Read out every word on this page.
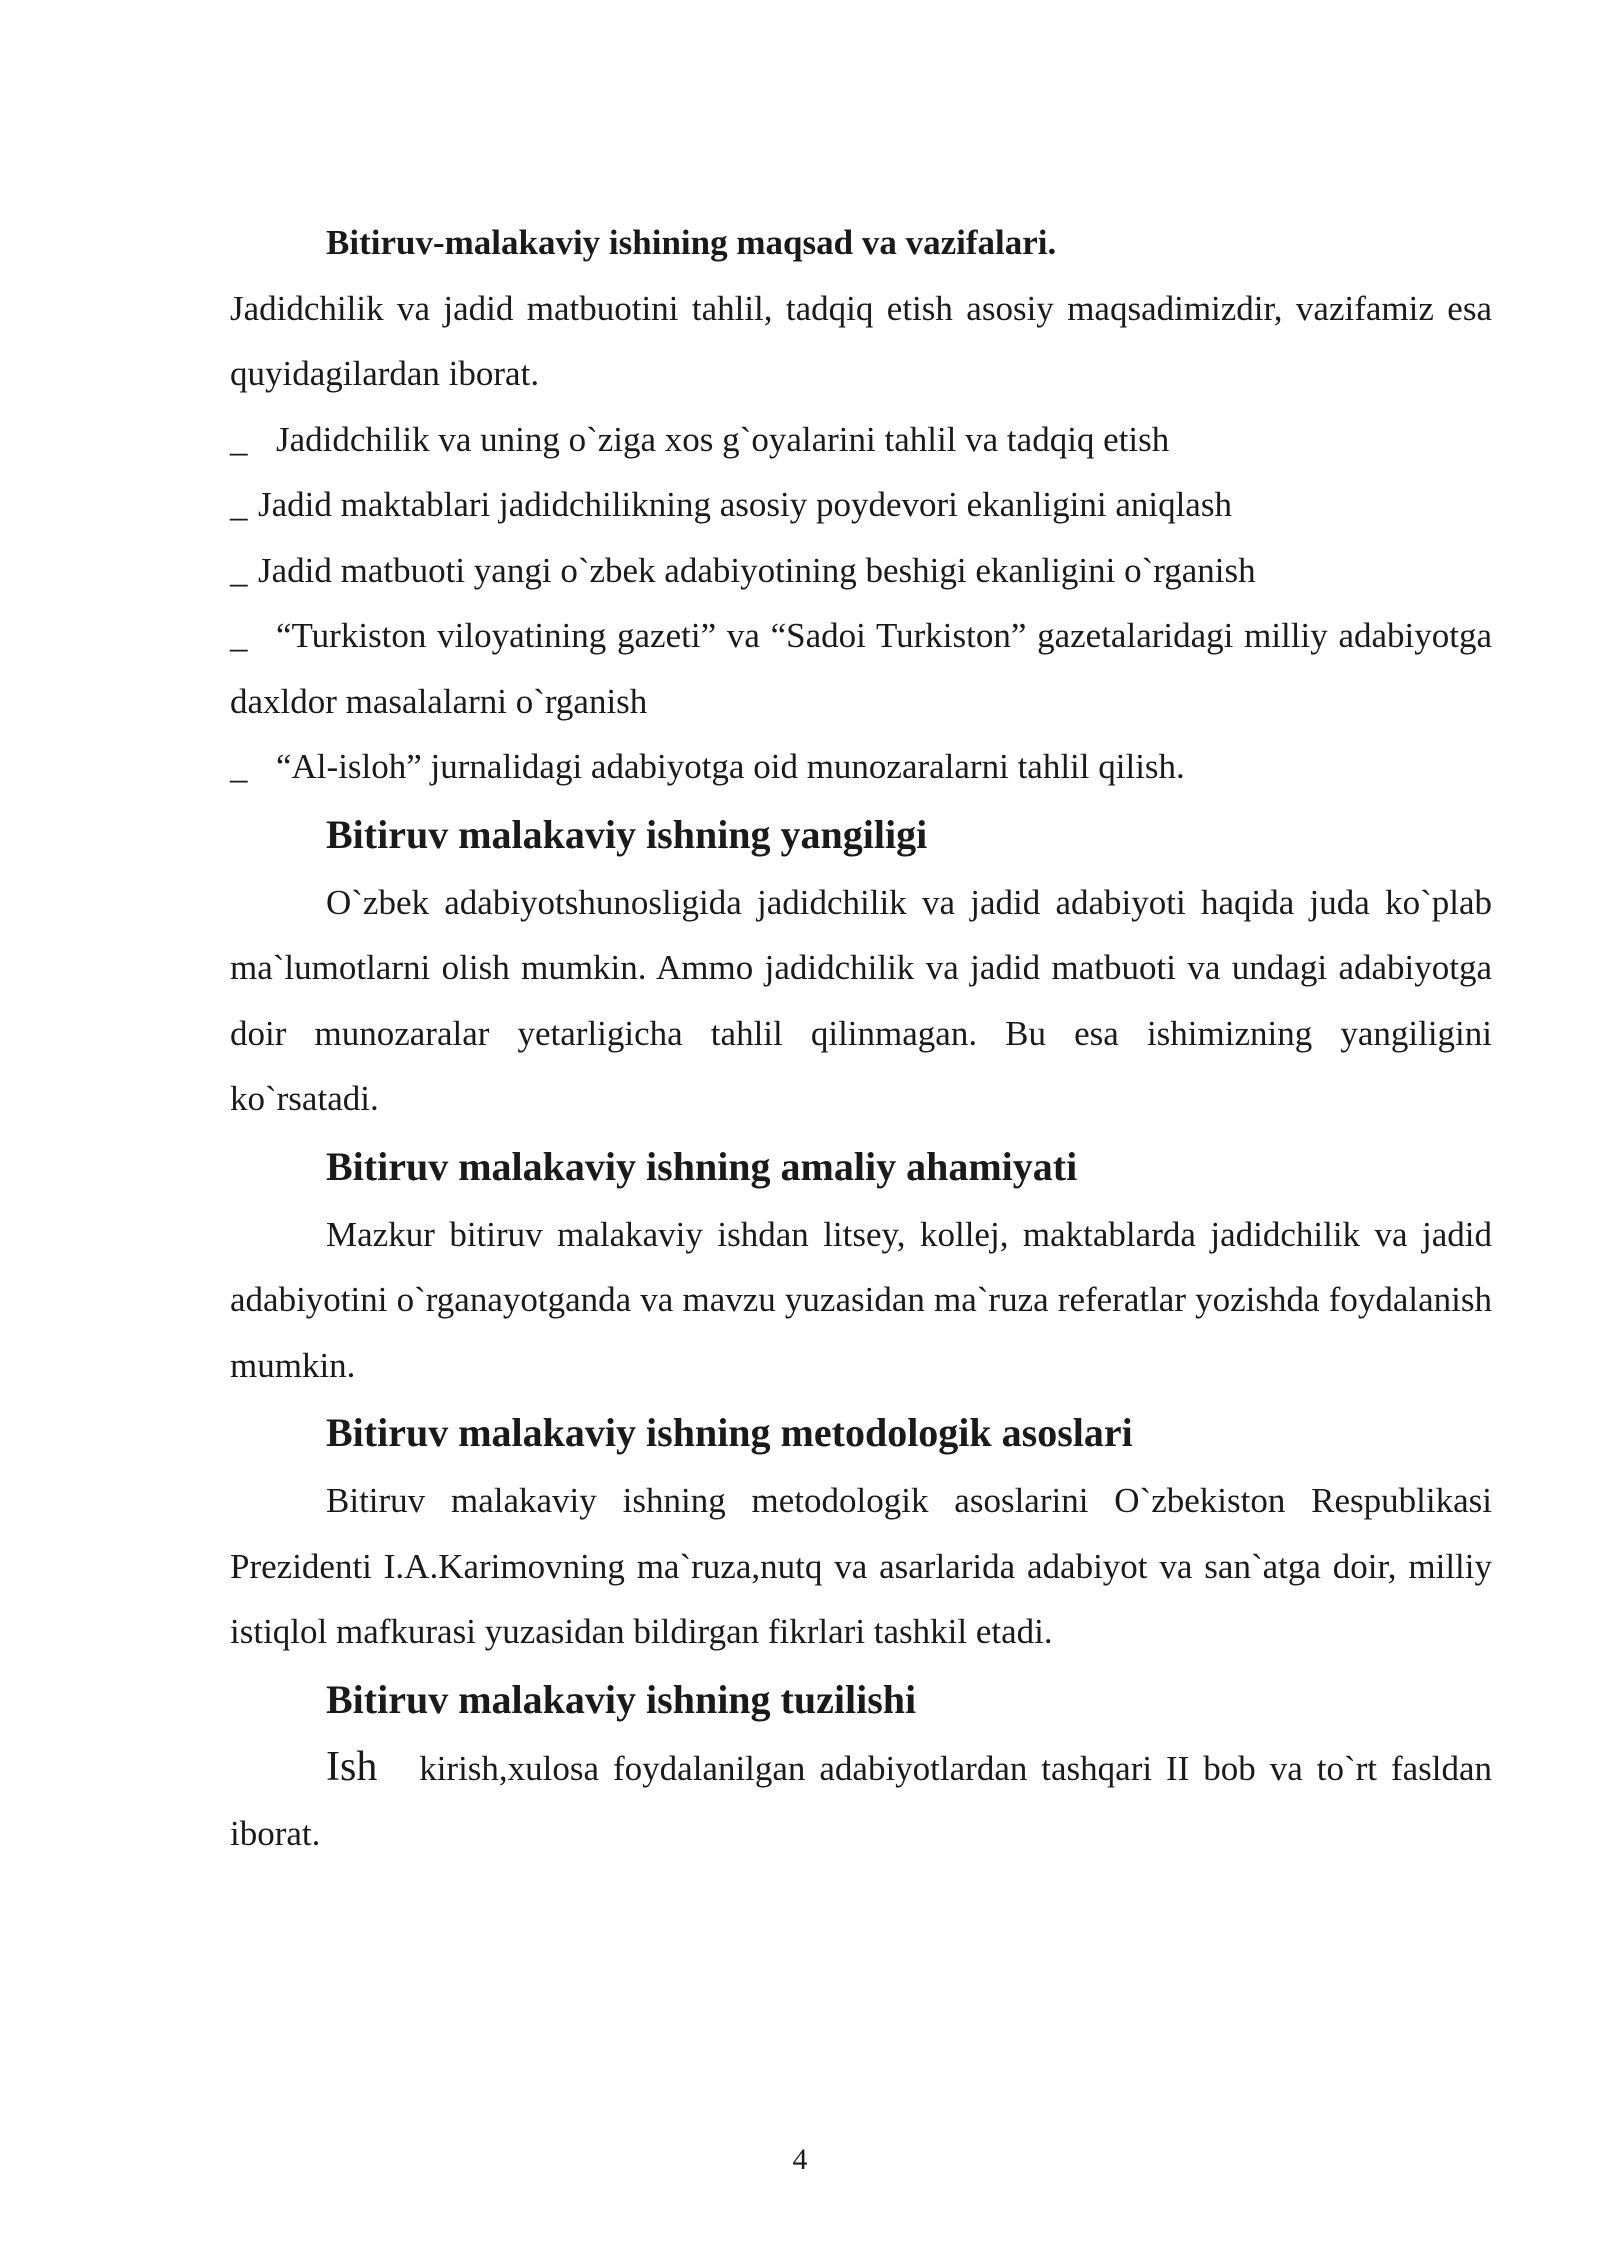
Bitiruv-malakaviy ishining maqsad va vazifalari.
Jadidchilik va jadid matbuotini tahlil, tadqiq etish asosiy maqsadimizdir, vazifamiz esa quyidagilardan iborat.
_ Jadidchilik va uning o`ziga xos g`oyalarini tahlil va tadqiq etish
_ Jadid maktablari jadidchilikning asosiy poydevori ekanligini aniqlash
_ Jadid matbuoti yangi o`zbek adabiyotining beshigi ekanligini o`rganish
_ “Turkiston viloyatining gazeti” va “Sadoi Turkiston” gazetalaridagi milliy adabiyotga daxldor masalalarni o`rganish
_ “Al-isloh” jurnalidagi adabiyotga oid munozaralarni tahlil qilish.
Bitiruv malakaviy ishning yangiligi
O`zbek adabiyotshunosligida jadidchilik va jadid adabiyoti haqida juda ko`plab ma`lumotlarni olish mumkin. Ammo jadidchilik va jadid matbuoti va undagi adabiyotga doir munozaralar yetarligicha tahlil qilinmagan. Bu esa ishimizning yangiligini ko`rsatadi.
Bitiruv malakaviy ishning amaliy ahamiyati
Mazkur bitiruv malakaviy ishdan litsey, kollej, maktablarda jadidchilik va jadid adabiyotini o`rganayotganda va mavzu yuzasidan ma`ruza referatlar yozishda foydalanish mumkin.
Bitiruv malakaviy ishning metodologik asoslari
Bitiruv malakaviy ishning metodologik asoslarini O`zbekiston Respublikasi Prezidenti I.A.Karimovning ma`ruza,nutq va asarlarida adabiyot va san`atga doir, milliy istiqlol mafkurasi yuzasidan bildirgan fikrlari tashkil etadi.
Bitiruv malakaviy ishning tuzilishi
Ish kirish,xulosa foydalanilgan adabiyotlardan tashqari II bob va to`rt fasldan iborat.
4
